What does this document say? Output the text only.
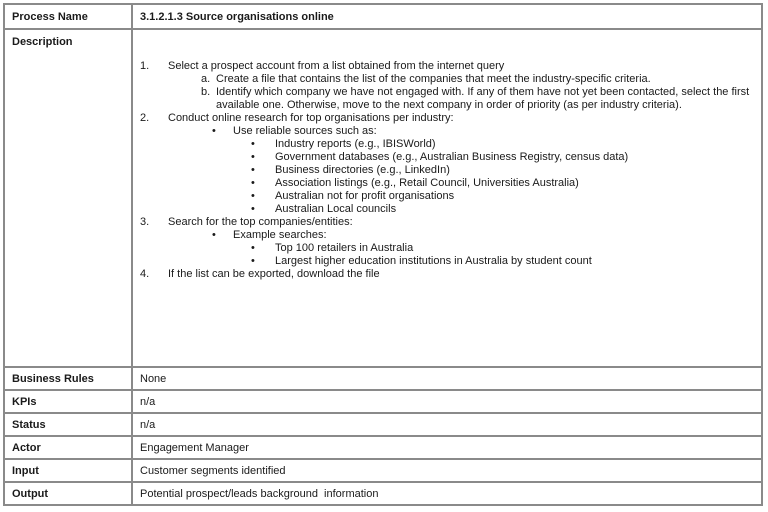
Process Name	3.1.2.1.3 Source organisations online
Description	

1.	Select a prospect account from a list obtained from the internet query
a. Create a file that contains the list of the companies that meet the industry-specific criteria.
b. Identify which company we have not engaged with. If any of them have not yet been contacted, select the first available one. Otherwise, move to the next company in order of priority (as per industry criteria).
2.	Conduct online research for top organisations per industry:
•	Use reliable sources such as:
•	Industry reports (e.g., IBISWorld)
•	Government databases (e.g., Australian Business Registry, census data)
•	Business directories (e.g., LinkedIn)
•	Association listings (e.g., Retail Council, Universities Australia)
•	Australian not for profit organisations
•	Australian Local councils
3.	Search for the top companies/entities:
•	Example searches:
•	Top 100 retailers in Australia
•	Largest higher education institutions in Australia by student count
4.	If the list can be exported, download the file

Business Rules	None
KPIs	n/a
Status	n/a
Actor	Engagement Manager
Input	Customer segments identified
Output	Potential prospect/leads background  information
